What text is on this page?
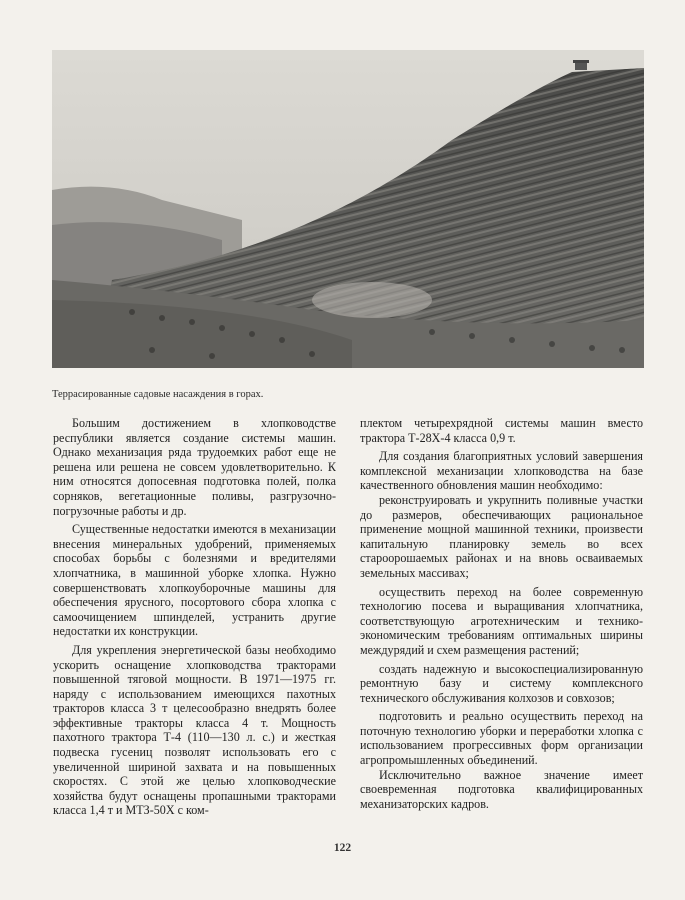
Террасированные садовые насаждения в горах.

Большим достижением в хлопководстве республики является создание системы машин. Однако механизация ряда трудоемких работ еще не решена или решена не совсем удовлетворительно. К ним относятся допосевная подготовка полей, полка сорняков, вегетационные поливы, разгрузочно-погрузочные работы и др.

Существенные недостатки имеются в механизации внесения минеральных удобрений, применяемых способах борьбы с болезнями и вредителями хлопчатника, в машинной уборке хлопка. Нужно совершенствовать хлопкоуборочные машины для обеспечения ярусного, посортового сбора хлопка с самоочищением шпинделей, устранить другие недостатки их конструкции.

Для укрепления энергетической базы необходимо ускорить оснащение хлопководства тракторами повышенной тяговой мощности. В 1971—1975 гг. наряду с использованием имеющихся пахотных тракторов класса 3 т целесообразно внедрять более эффективные тракторы класса 4 т. Мощность пахотного трактора Т-4 (110—130 л. с.) и жесткая подвеска гусениц позволят использовать его с увеличенной шириной захвата и на повышенных скоростях. С этой же целью хлопководческие хозяйства будут оснащены пропашными тракторами класса 1,4 т и МТЗ-50Х с ком-

плектом четырехрядной системы машин вместо трактора Т-28Х-4 класса 0,9 т.

Для создания благоприятных условий завершения комплексной механизации хлопководства на базе качественного обновления машин необходимо:

реконструировать и укрупнить поливные участки до размеров, обеспечивающих рациональное применение мощной машинной техники, произвести капитальную планировку земель во всех староорошаемых районах и на вновь осваиваемых земельных массивах;

осуществить переход на более современную технологию посева и выращивания хлопчатника, соответствующую агротехническим и технико-экономическим требованиям оптимальных ширины междурядий и схем размещения растений;

создать надежную и высокоспециализированную ремонтную базу и систему комплексного технического обслуживания колхозов и совхозов;

подготовить и реально осуществить переход на поточную технологию уборки и переработки хлопка с использованием прогрессивных форм организации агропромышленных объединений.

Исключительно важное значение имеет своевременная подготовка квалифицированных механизаторских кадров.

122
